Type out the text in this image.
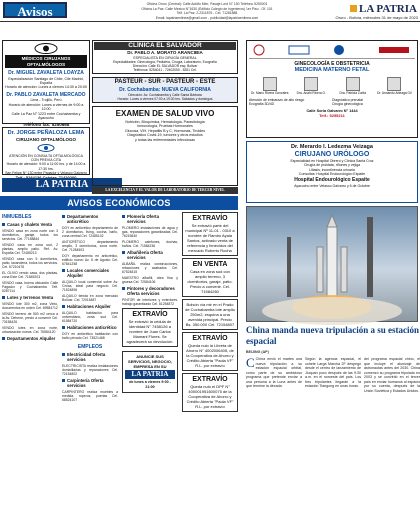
Avisos	Oficina Oruro (Central): Calle Adolfo Mier, Pasaje Lord N° 150 Teléfono 5250001
Oficina La Paz: Calle Mexico N°1630 (Edificio Colegio de Ingenieros) 1er Piso - Of. 101
Telf. La Paz: 2-2311876 - Cel. 71281888
Email: lapatriaenlinea@gmail.com - publicidad@lapatriaenlinea.com
LA PATRIA
Oruro - Bolivia, miércoles 31 de mayo de 2023
MÉDICOS CIRUJANOS OFTALMÓLOGOS
Dr. MIGUEL ZAVALETA LOAYZA
Especialización Santiago de Chile, Cile Madrid, España
Horario de atención: Lunes a viernes 14:30 a 20:00
Dr. PABLO ZAVALETA MERCADO
Lima - Trujillo, Perú
Horario de atención: Lunes a viernes de 9:00 a 12:00
Calle La Paz N° 1223 entre Cochabamba y Ayacucho
Teléfono fax: 5250668
Dr. JORGE PEÑALOZA LEMA
CIRUJANO OFTALMÓLOGO
ATENCIÓN EN CONSULTA OFTALMOLÓGICA CON PREVIA CITA
Horario de atención: 9:00 a 11:00 hrs. y de 14:00 a 17:30 hrs.
San Felipe Nº 130 entre Pagador y Velasco Galvarro
LA PATRIA
CLÍNICA EL SALVADOR
Dr. PABLO A. MORATO ARANCIBIA
ESPECIALISTA EN CIRUGÍA GENERAL
Especialidades: Ginecología, Pediatría, Cirugía, Laboratorio, Ecografía
Dirección: Calle EL SALVADOR esq. Bolivar
Teléfonos: 5254041 - 72402050 - 5281 Cel.
PASTEUR - SUR - PASTEUR - ESTE
Dr. Cochabamba: NUEVA CALIFORNIA
Dirección: Av. Cochabamba y Calle Santa Bárbara
Horario: Lunes a viernes 07:00 a 19:30 hrs. Sábados y domingos
EXAMEN DE SALUD VIVO
Nutrición, Bioquímica, Hematología, Parasitología
Inmunología, Pruebas Hormonales
Glucosa, VIH, Hepatitis B y C, Hormonas, Tiroides
Diagnóstico Covid-19, tumores y otros estudios
y todas las enfermedades infecciosas
LA EXCELENCIA Y EL VALOR DE LABORATORIO DE TERCER NIVEL
GINECOLOGÍA E OBSTETRICIA
MEDICINA MATERNO FETAL
Dr. Mario Rivera Gonzales	Dra. Anahi Rivera G.	Dra. Patricia Zurita	Dr. Armando Arteaga Gil
Atención de embarazo de alto riesgo	Diagnóstico prenatal
Ecografía 3D/4D	Cirugía ginecológica
Calle Soria Galvarro N° 1444
Telf.: 5255211
Dr. Merardo I. Ledezma Veizaga
CIRUJANO URÓLOGO
Especialidad en Hospital Obrero y Clínica Santa Cruz
Cirugía de próstata, riñones y vejiga
Litiasis, incontinencia urinaria
Consultas: Hospital Endourológico Espaite
Hospital Endourológico Espaite
Ayacucho entre Velasco Galvarro y 6 de Octubre
China manda nueva tripulación a su estación espacial
BEIJING (AP)
C China envió el martes una nueva tripulación a su estación espacial orbital, como parte de su ambicioso programa que pretende enviar a una persona a la Luna antes de que termine la década.
Según la agencia espacial, el cohete Larga Marcha 2F despegó desde el centro de lanzamiento de Jiuquan poco después de las 9:30 a.m. en el noroeste del país. Los tres tripulantes llegarán a la estación Tiangong en unas horas.
del programa espacial chino, el que incluye el alunizaje de astronautas antes del 2030. China comenzó su programa tripulado en 2003 y se convirtió en el tercer país en enviar humanos al espacio por su cuenta, después de la Unión Soviética y Estados Unidos.
AVISOS ECONÓMICOS
INMUEBLES
Casas y chalets Venta
VENDO casa en zona norte con 3 dormitorios, garaje, todos los servicios. Cel. 77158844
VENDO casa en zona sud, 2 plantas, amplio patio. Ref. Av. España Cel. 72485213
VENDO casa con 5 dormitorios, patio, lavandería, todos los servicios. Cel. 67210478
EL OLIVO vendo casa, dos plantas, zona Este Cel. 71845203
VENDO casa, buena ubicación Calle Pagador y Cochabamba Telf. 5287114
Lotes y terrenos Venta
VENDO lote 300 m2, zona Vinto, documentos en orden Cel. 69584712
VENDO terreno de 500 m2 cerca a la Av. Dehene, precio a convenir Cel. 73158426
VENDO lotes en zona norte, urbanización nueva. Cel. 76584120
Departamentos Alquiler
Departamentos anticrético
DOY en anticrético departamento de 2 dormitorios, living, cocina, baño, zona central Cel. 72485102
ANTICRÉTICO departamento amplio, 3 dormitorios, zona norte. Cel. 71284503
DOY departamento en anticrético, edificio nuevo Av. 6 de Agosto Cel. 67841258
Locales comerciales Alquiler
ALQUILO local comercial sobre Av. Cívica, ideal para negocio Cel. 71524896
ALQUILO tienda en zona mercado Bolívar. Cel. 72015487
Habitaciones Alquiler
ALQUILO habitación para universitario, zona sud Cel. 61584720
Habitaciones anticrético
DOY en anticrético habitación con baño privado Cel. 73521468
EMPLEOS
Electricidad Oferta servicios
ELECTRICISTA realiza instalaciones domiciliarias y reparaciones Cel. 72154802
Carpintería Oferta servicios
CARPINTERO realiza muebles a medida, roperos, puertas Cel. 68524107
Plomería Oferta servicios
PLOMERO instalaciones de agua y gas, reparaciones garantizadas Cel. 76215840
PLOMERO calefones, duchas, baños. Cel. 71584236
Albañilería Oferta servicios
ALBAÑIL realiza construcciones, refacciones y acabados Cel. 67524815
MAESTRO albañil, obra fina y gruesa Cel. 72584106
Pintores y decoradores Oferta servicios
PINTOR de interiores y exteriores, trabajo garantizado Cel. 61254872
EXTRAVÍO
Se extravió la cédula de identidad N° 7458126 a nombre de Juan Carlos Mamani Flores. Se agradecerá su devolución.
ANUNCIE SUS SERVICIOS, NEGOCIO, EMPRESA EN SU
LA PATRIA
de lunes a viernes 9:00 - 21:00
EXTRAVÍO
Se extravió parte del municipal Nº 11-01 - 0310 a nombre de Ramiro Ayala Santos, activado venta de referencia y fenecidos del mercado Roberto Rocha
EN VENTA
Casa en zona sud con amplio terreno, 3 dormitorios, garaje, patio. Precio a convenir. Cel. 71584260
Bolsón vía mir en el Prado de Cochabamba lote amplio 250m2, esquina a una avenida principal. Precio Bs. 350.000 Cel. 72154807
EXTRAVÍO
Queda nulo la Libreta de Ahorro N° 4002006405, de la Cooperativa de Ahorro y Crédito Abierta "Paola VF" R.L. por extravío
EXTRAVÍO
Queda nulo el DPF N° 400001951600075 de la Cooperativa de Ahorro y Crédito Abierta "Paola VF" R.L. por extravío
